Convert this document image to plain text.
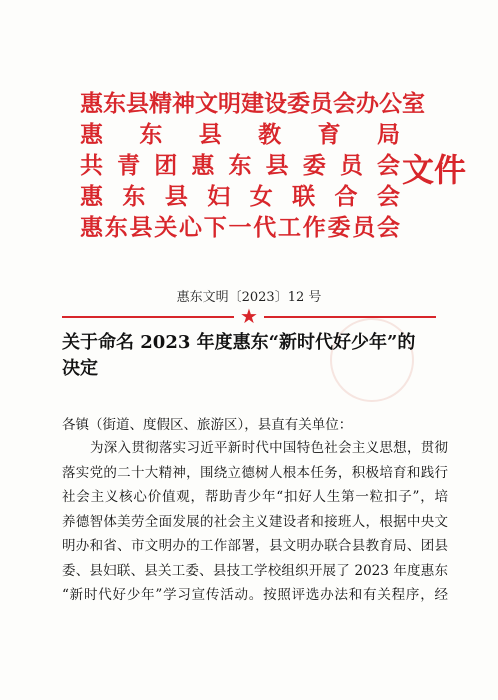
惠 东 县 精 神 文 明 建 设 委 员 会 办 公 室
惠 东 县 教 育 局
共 青 团 惠 东 县 委 员 会
惠 东 县 妇 女 联 合 会
惠 东 县 关 心 下 一 代 工 作 委 员 会
文件
惠东文明〔2023〕12 号
★
关于命名 2023 年度惠东“新时代好少年”的
决定
各镇（街道、度假区、旅游区），县直有关单位：
为深入贯彻落实习近平新时代中国特色社会主义思想，贯彻
落实党的二十大精神，围绕立德树人根本任务，积极培育和践行
社会主义核心价值观，帮助青少年“扣好人生第一粒扣子”，培
养德智体美劳全面发展的社会主义建设者和接班人，根据中央文
明办和省、市文明办的工作部署，县文明办联合县教育局、团县
委、县妇联、县关工委、县技工学校组织开展了 2023 年度惠东
“新时代好少年”学习宣传活动。按照评选办法和有关程序，经
